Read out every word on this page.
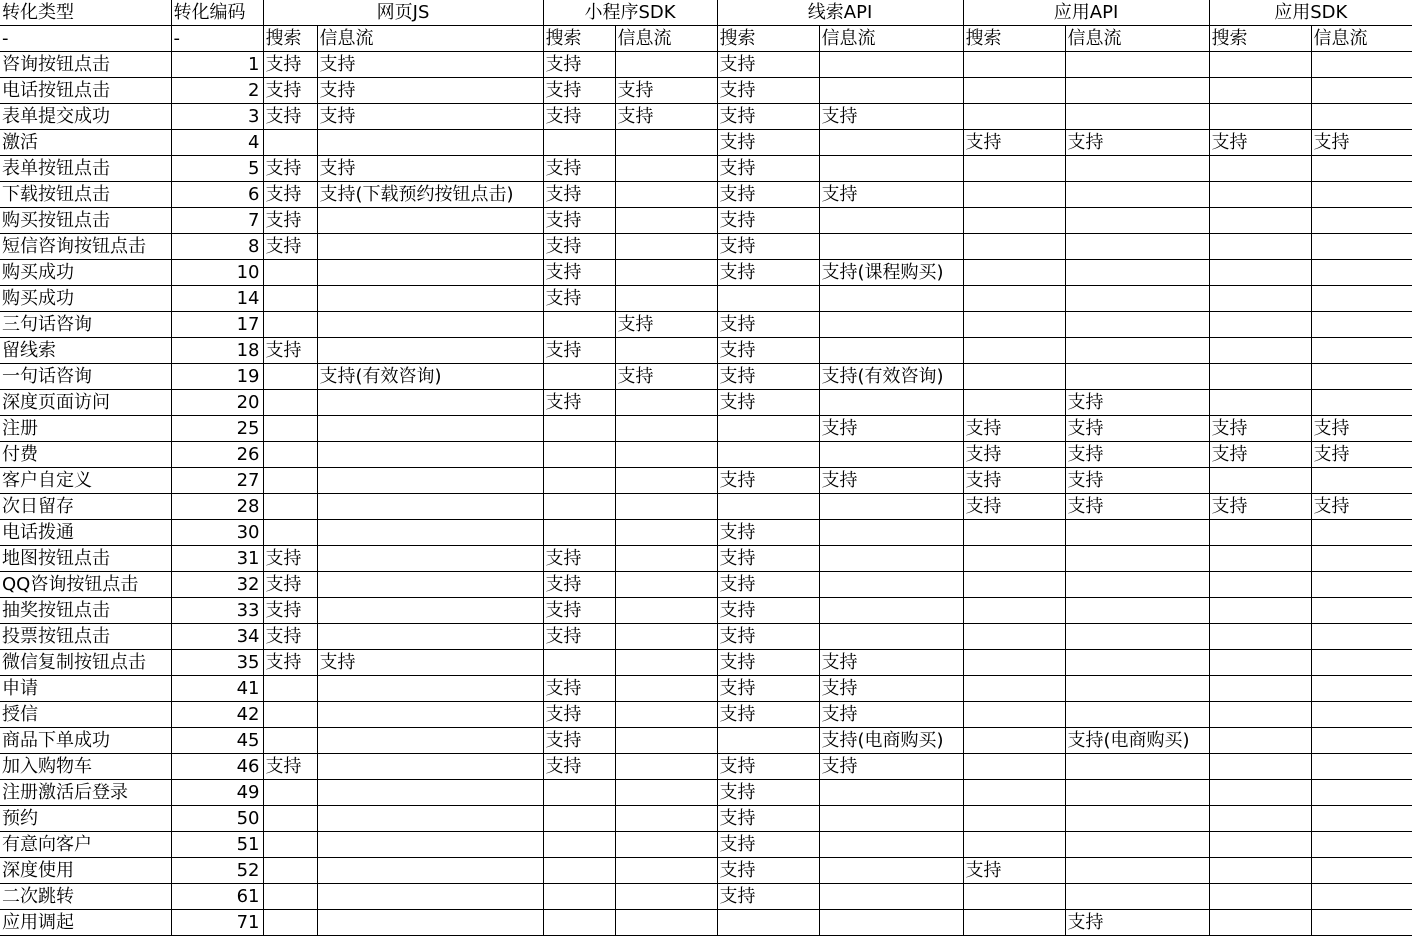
转化类型	转化编码	网页JS		小程序SDK		线索API		应用API		应用SDK	
-	-	搜索	信息流	搜索	信息流	搜索	信息流	搜索	信息流	搜索	信息流
咨询按钮点击	1	支持	支持	支持		支持					
电话按钮点击	2	支持	支持	支持	支持	支持					
表单提交成功	3	支持	支持	支持	支持	支持	支持				
激活	4					支持		支持	支持	支持	支持
表单按钮点击	5	支持	支持	支持		支持					
下载按钮点击	6	支持	支持(下载预约按钮点击)	支持		支持	支持				
购买按钮点击	7	支持		支持		支持					
短信咨询按钮点击	8	支持		支持		支持					
购买成功	10			支持		支持	支持(课程购买)				
购买成功	14			支持							
三句话咨询	17				支持	支持					
留线索	18	支持		支持		支持					
一句话咨询	19		支持(有效咨询)		支持	支持	支持(有效咨询)				
深度页面访问	20			支持		支持			支持		
注册	25						支持	支持	支持	支持	支持
付费	26							支持	支持	支持	支持
客户自定义	27					支持	支持	支持	支持		
次日留存	28							支持	支持	支持	支持
电话拨通	30					支持					
地图按钮点击	31	支持		支持		支持					
QQ咨询按钮点击	32	支持		支持		支持					
抽奖按钮点击	33	支持		支持		支持					
投票按钮点击	34	支持		支持		支持					
微信复制按钮点击	35	支持	支持			支持	支持				
申请	41			支持		支持	支持				
授信	42			支持		支持	支持				
商品下单成功	45			支持			支持(电商购买)		支持(电商购买)		
加入购物车	46	支持		支持		支持	支持				
注册激活后登录	49					支持					
预约	50					支持					
有意向客户	51					支持					
深度使用	52					支持		支持			
二次跳转	61					支持					
应用调起	71								支持		
